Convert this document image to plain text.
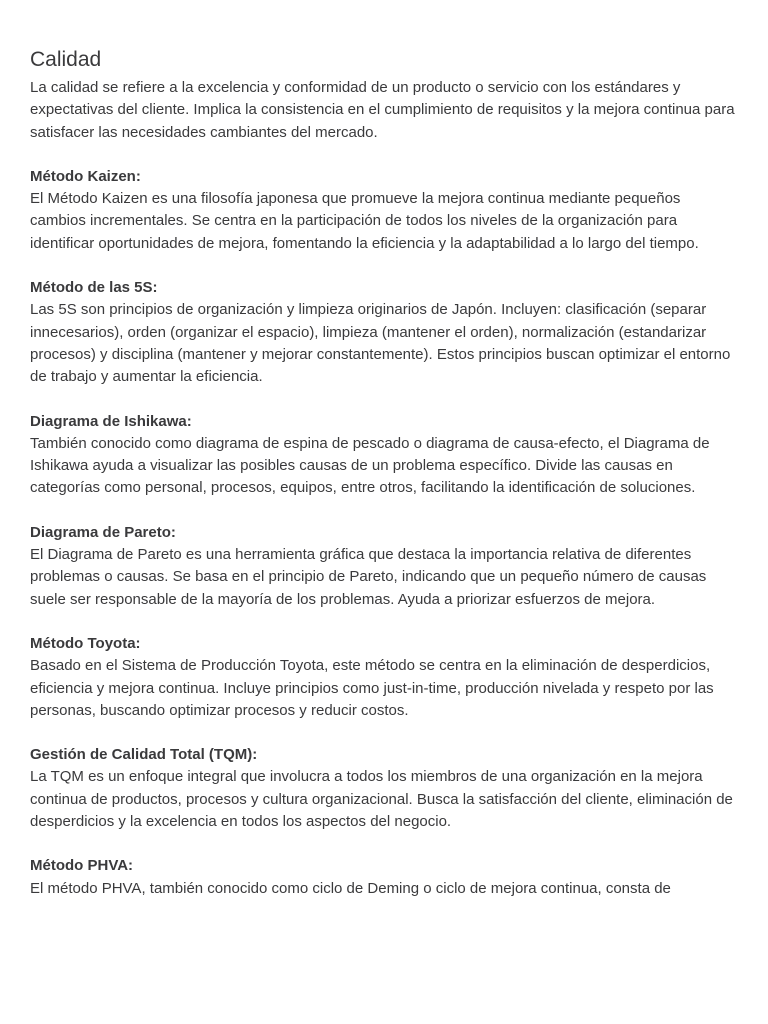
Calidad

La calidad se refiere a la excelencia y conformidad de un producto o servicio con los estándares y expectativas del cliente. Implica la consistencia en el cumplimiento de requisitos y la mejora continua para satisfacer las necesidades cambiantes del mercado.

Método Kaizen:

El Método Kaizen es una filosofía japonesa que promueve la mejora continua mediante pequeños cambios incrementales. Se centra en la participación de todos los niveles de la organización para identificar oportunidades de mejora, fomentando la eficiencia y la adaptabilidad a lo largo del tiempo.

Método de las 5S:

Las 5S son principios de organización y limpieza originarios de Japón. Incluyen: clasificación (separar innecesarios), orden (organizar el espacio), limpieza (mantener el orden), normalización (estandarizar procesos) y disciplina (mantener y mejorar constantemente). Estos principios buscan optimizar el entorno de trabajo y aumentar la eficiencia.

Diagrama de Ishikawa:

También conocido como diagrama de espina de pescado o diagrama de causa-efecto, el Diagrama de Ishikawa ayuda a visualizar las posibles causas de un problema específico. Divide las causas en categorías como personal, procesos, equipos, entre otros, facilitando la identificación de soluciones.

Diagrama de Pareto:

El Diagrama de Pareto es una herramienta gráfica que destaca la importancia relativa de diferentes problemas o causas. Se basa en el principio de Pareto, indicando que un pequeño número de causas suele ser responsable de la mayoría de los problemas. Ayuda a priorizar esfuerzos de mejora.

Método Toyota:

Basado en el Sistema de Producción Toyota, este método se centra en la eliminación de desperdicios, eficiencia y mejora continua. Incluye principios como just-in-time, producción nivelada y respeto por las personas, buscando optimizar procesos y reducir costos.

Gestión de Calidad Total (TQM):

La TQM es un enfoque integral que involucra a todos los miembros de una organización en la mejora continua de productos, procesos y cultura organizacional. Busca la satisfacción del cliente, eliminación de desperdicios y la excelencia en todos los aspectos del negocio.

Método PHVA:

El método PHVA, también conocido como ciclo de Deming o ciclo de mejora continua, consta de
